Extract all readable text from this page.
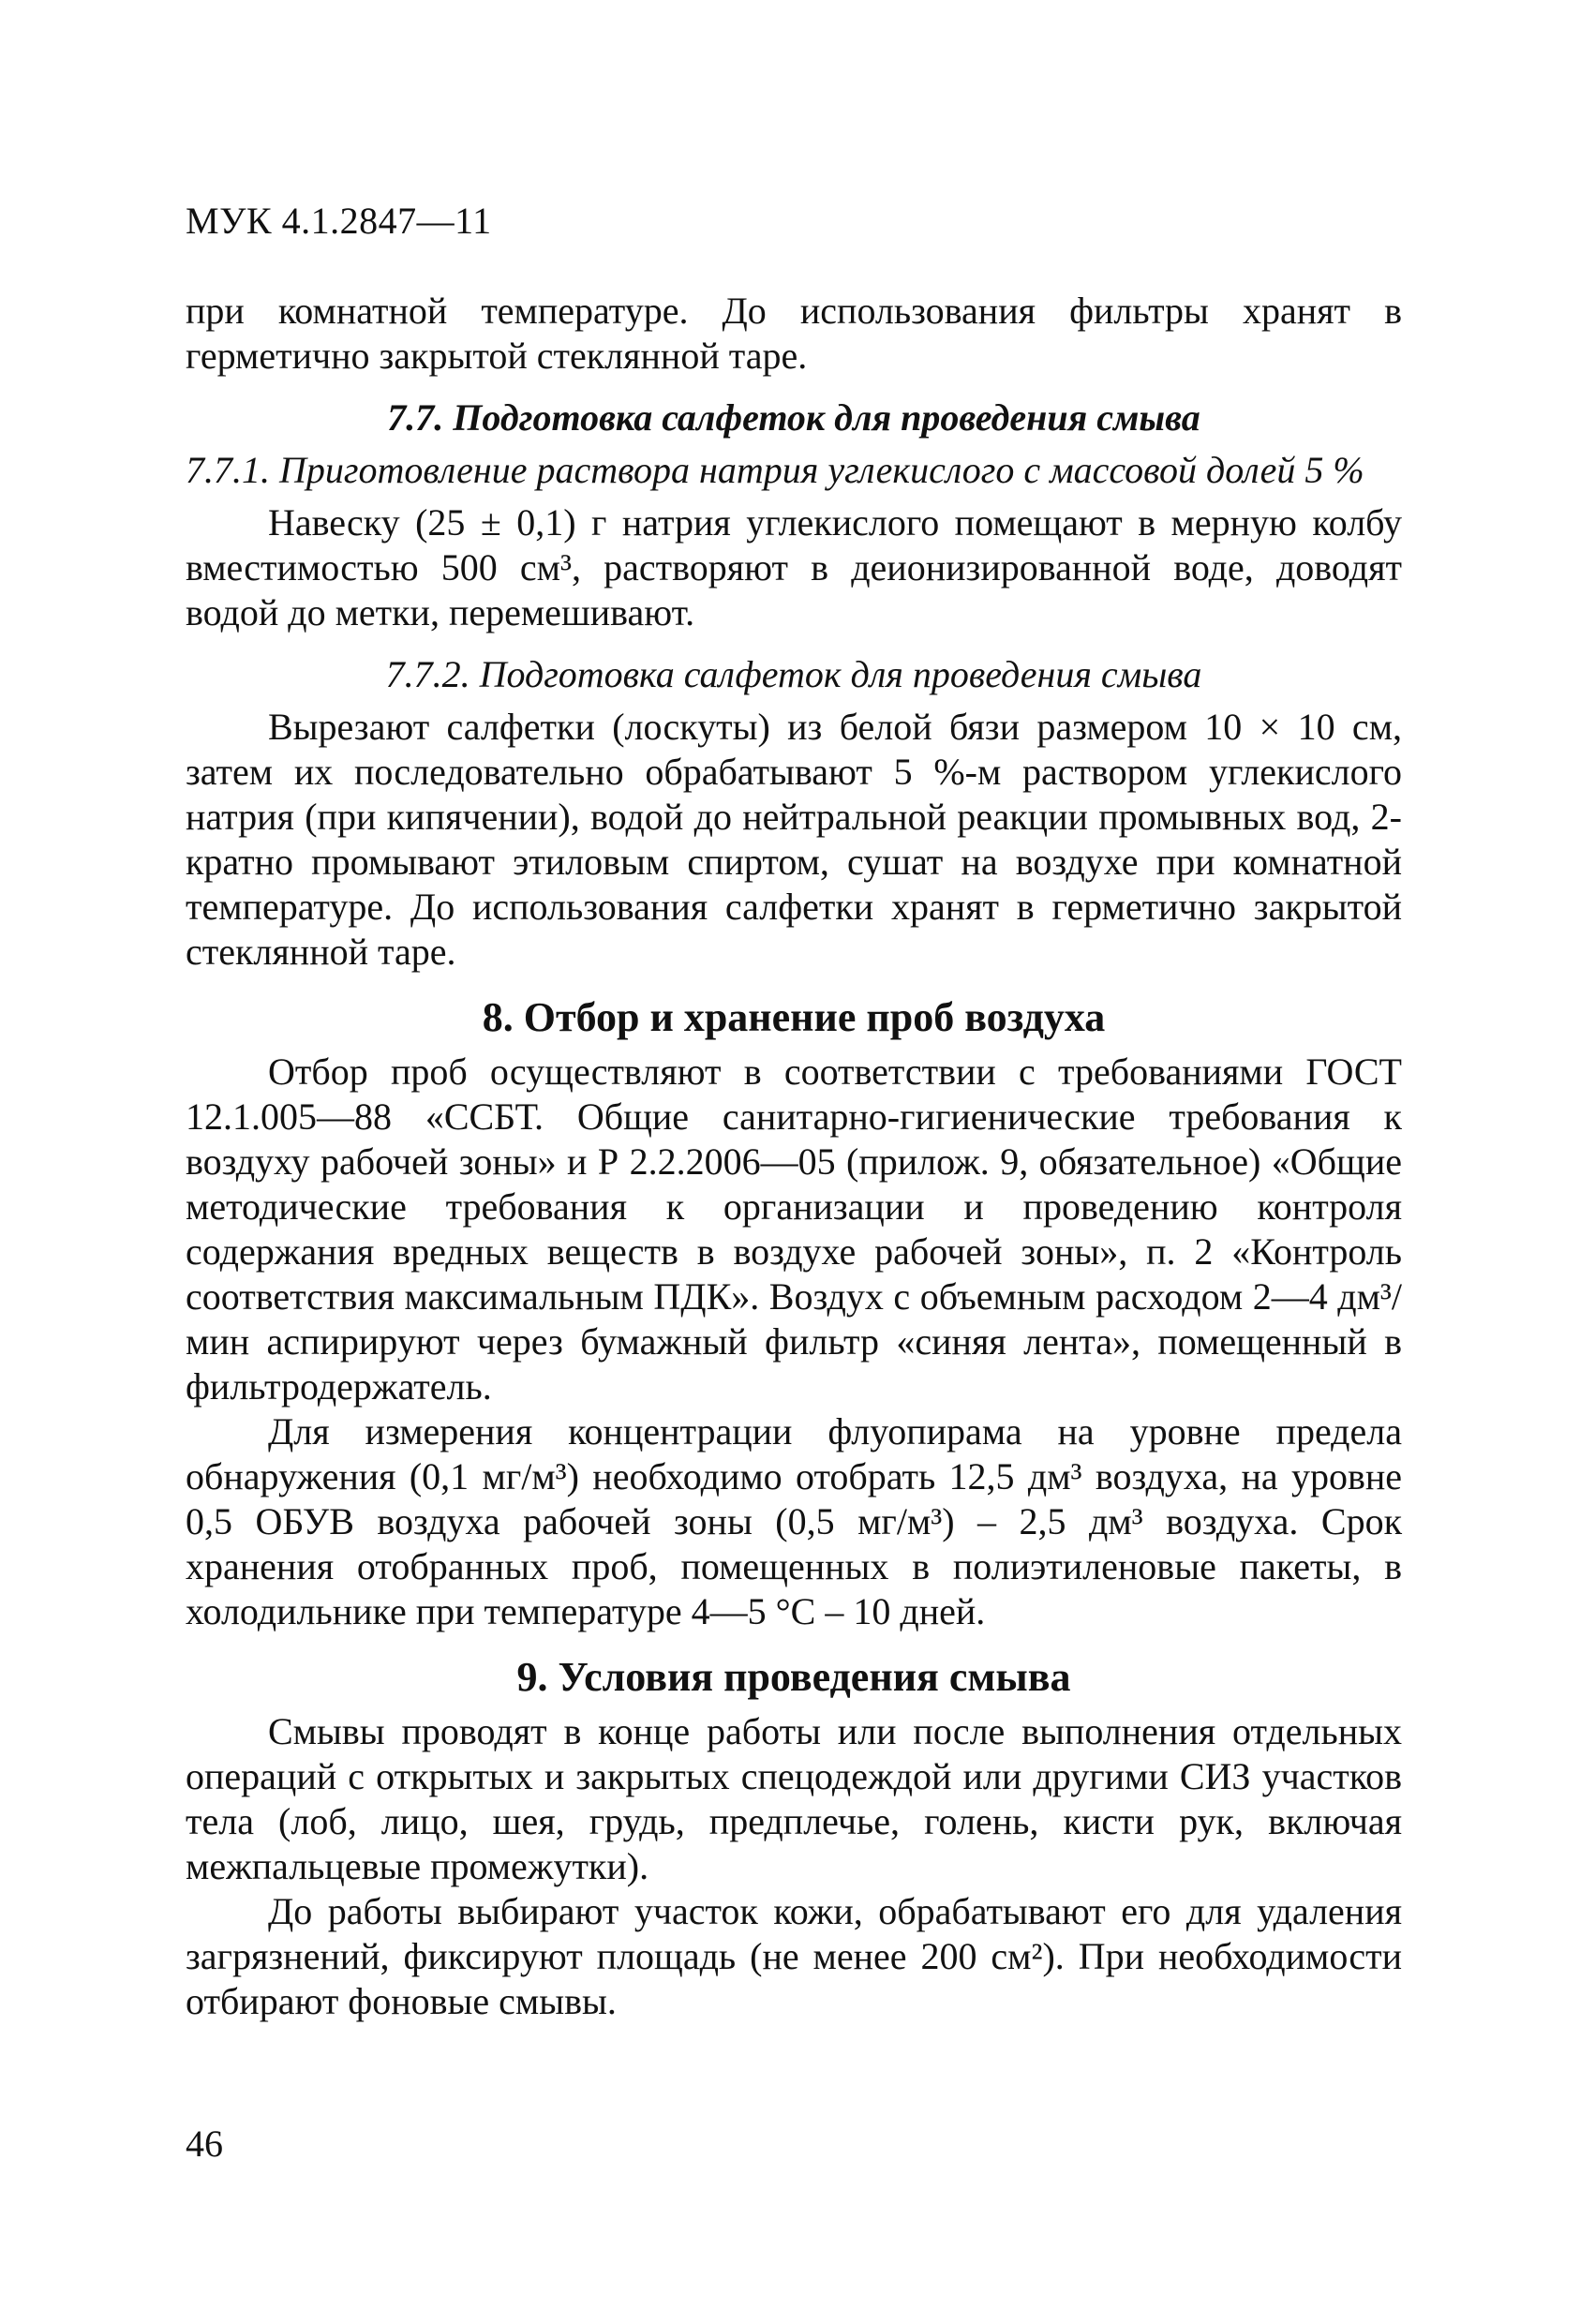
МУК 4.1.2847—11

при комнатной температуре. До использования фильтры хранят в герметично закрытой стеклянной таре.

7.7. Подготовка салфеток для проведения смыва
7.7.1. Приготовление раствора натрия углекислого с массовой долей 5 %

Навеску (25 ± 0,1) г натрия углекислого помещают в мерную колбу вместимостью 500 см³, растворяют в деионизированной воде, доводят водой до метки, перемешивают.

7.7.2. Подготовка салфеток для проведения смыва

Вырезают салфетки (лоскуты) из белой бязи размером 10 × 10 см, затем их последовательно обрабатывают 5 %-м раствором углекислого натрия (при кипячении), водой до нейтральной реакции промывных вод, 2-кратно промывают этиловым спиртом, сушат на воздухе при комнатной температуре. До использования салфетки хранят в герметично закрытой стеклянной таре.

8. Отбор и хранение проб воздуха

Отбор проб осуществляют в соответствии с требованиями ГОСТ 12.1.005—88 «ССБТ. Общие санитарно-гигиенические требования к воздуху рабочей зоны» и Р 2.2.2006—05 (прилож. 9, обязательное) «Общие методические требования к организации и проведению контроля содержания вредных веществ в воздухе рабочей зоны», п. 2 «Контроль соответствия максимальным ПДК». Воздух с объемным расходом 2—4 дм³/мин аспирируют через бумажный фильтр «синяя лента», помещенный в фильтродержатель.

Для измерения концентрации флуопирама на уровне предела обнаружения (0,1 мг/м³) необходимо отобрать 12,5 дм³ воздуха, на уровне 0,5 ОБУВ воздуха рабочей зоны (0,5 мг/м³) – 2,5 дм³ воздуха. Срок хранения отобранных проб, помещенных в полиэтиленовые пакеты, в холодильнике при температуре 4—5 °С – 10 дней.

9. Условия проведения смыва

Смывы проводят в конце работы или после выполнения отдельных операций с открытых и закрытых спецодеждой или другими СИЗ участков тела (лоб, лицо, шея, грудь, предплечье, голень, кисти рук, включая межпальцевые промежутки).

До работы выбирают участок кожи, обрабатывают его для удаления загрязнений, фиксируют площадь (не менее 200 см²). При необходимости отбирают фоновые смывы.

46
